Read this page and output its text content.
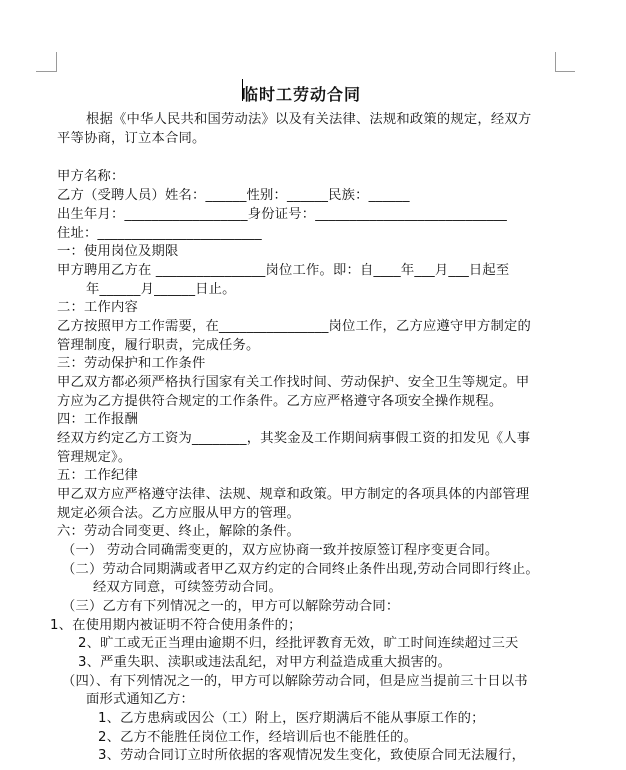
临时工劳动合同
根据《中华人民共和国劳动法》以及有关法律、法规和政策的规定，经双方
平等协商，订立本合同。
甲方名称：
乙方（受聘人员）姓名：______性别：______民族：______
出生年月：__________________身份证号：____________________________
住址：________________________
一：使用岗位及期限
甲方聘用乙方在 ________________岗位工作。即：自____年___月___日起至
年______月______日止。
二：工作内容
乙方按照甲方工作需要，在________________岗位工作，乙方应遵守甲方制定的
管理制度，履行职责，完成任务。
三：劳动保护和工作条件
甲乙双方都必须严格执行国家有关工作找时间、劳动保护、安全卫生等规定。甲
方应为乙方提供符合规定的工作条件。乙方应严格遵守各项安全操作规程。
四：工作报酬
经双方约定乙方工资为________，其奖金及工作期间病事假工资的扣发见《人事
管理规定》。
五：工作纪律
甲乙双方应严格遵守法律、法规、规章和政策。甲方制定的各项具体的内部管理
规定必须合法。乙方应服从甲方的管理。
六：劳动合同变更、终止，解除的条件。
（一） 劳动合同确需变更的，双方应协商一致并按原签订程序变更合同。
（二）劳动合同期满或者甲乙双方约定的合同终止条件出现,劳动合同即行终止。
经双方同意，可续签劳动合同。
（三）乙方有下列情况之一的，甲方可以解除劳动合同：
1、在使用期内被证明不符合使用条件的；
2、旷工或无正当理由逾期不归，经批评教育无效，旷工时间连续超过三天
3、严重失职、渎职或违法乱纪，对甲方利益造成重大损害的。
（四）、有下列情况之一的，甲方可以解除劳动合同，但是应当提前三十日以书
面形式通知乙方：
1、乙方患病或因公（工）附上，医疗期满后不能从事原工作的；
2、乙方不能胜任岗位工作，经培训后也不能胜任的。
3、劳动合同订立时所依据的客观情况发生变化，致使原合同无法履行，
